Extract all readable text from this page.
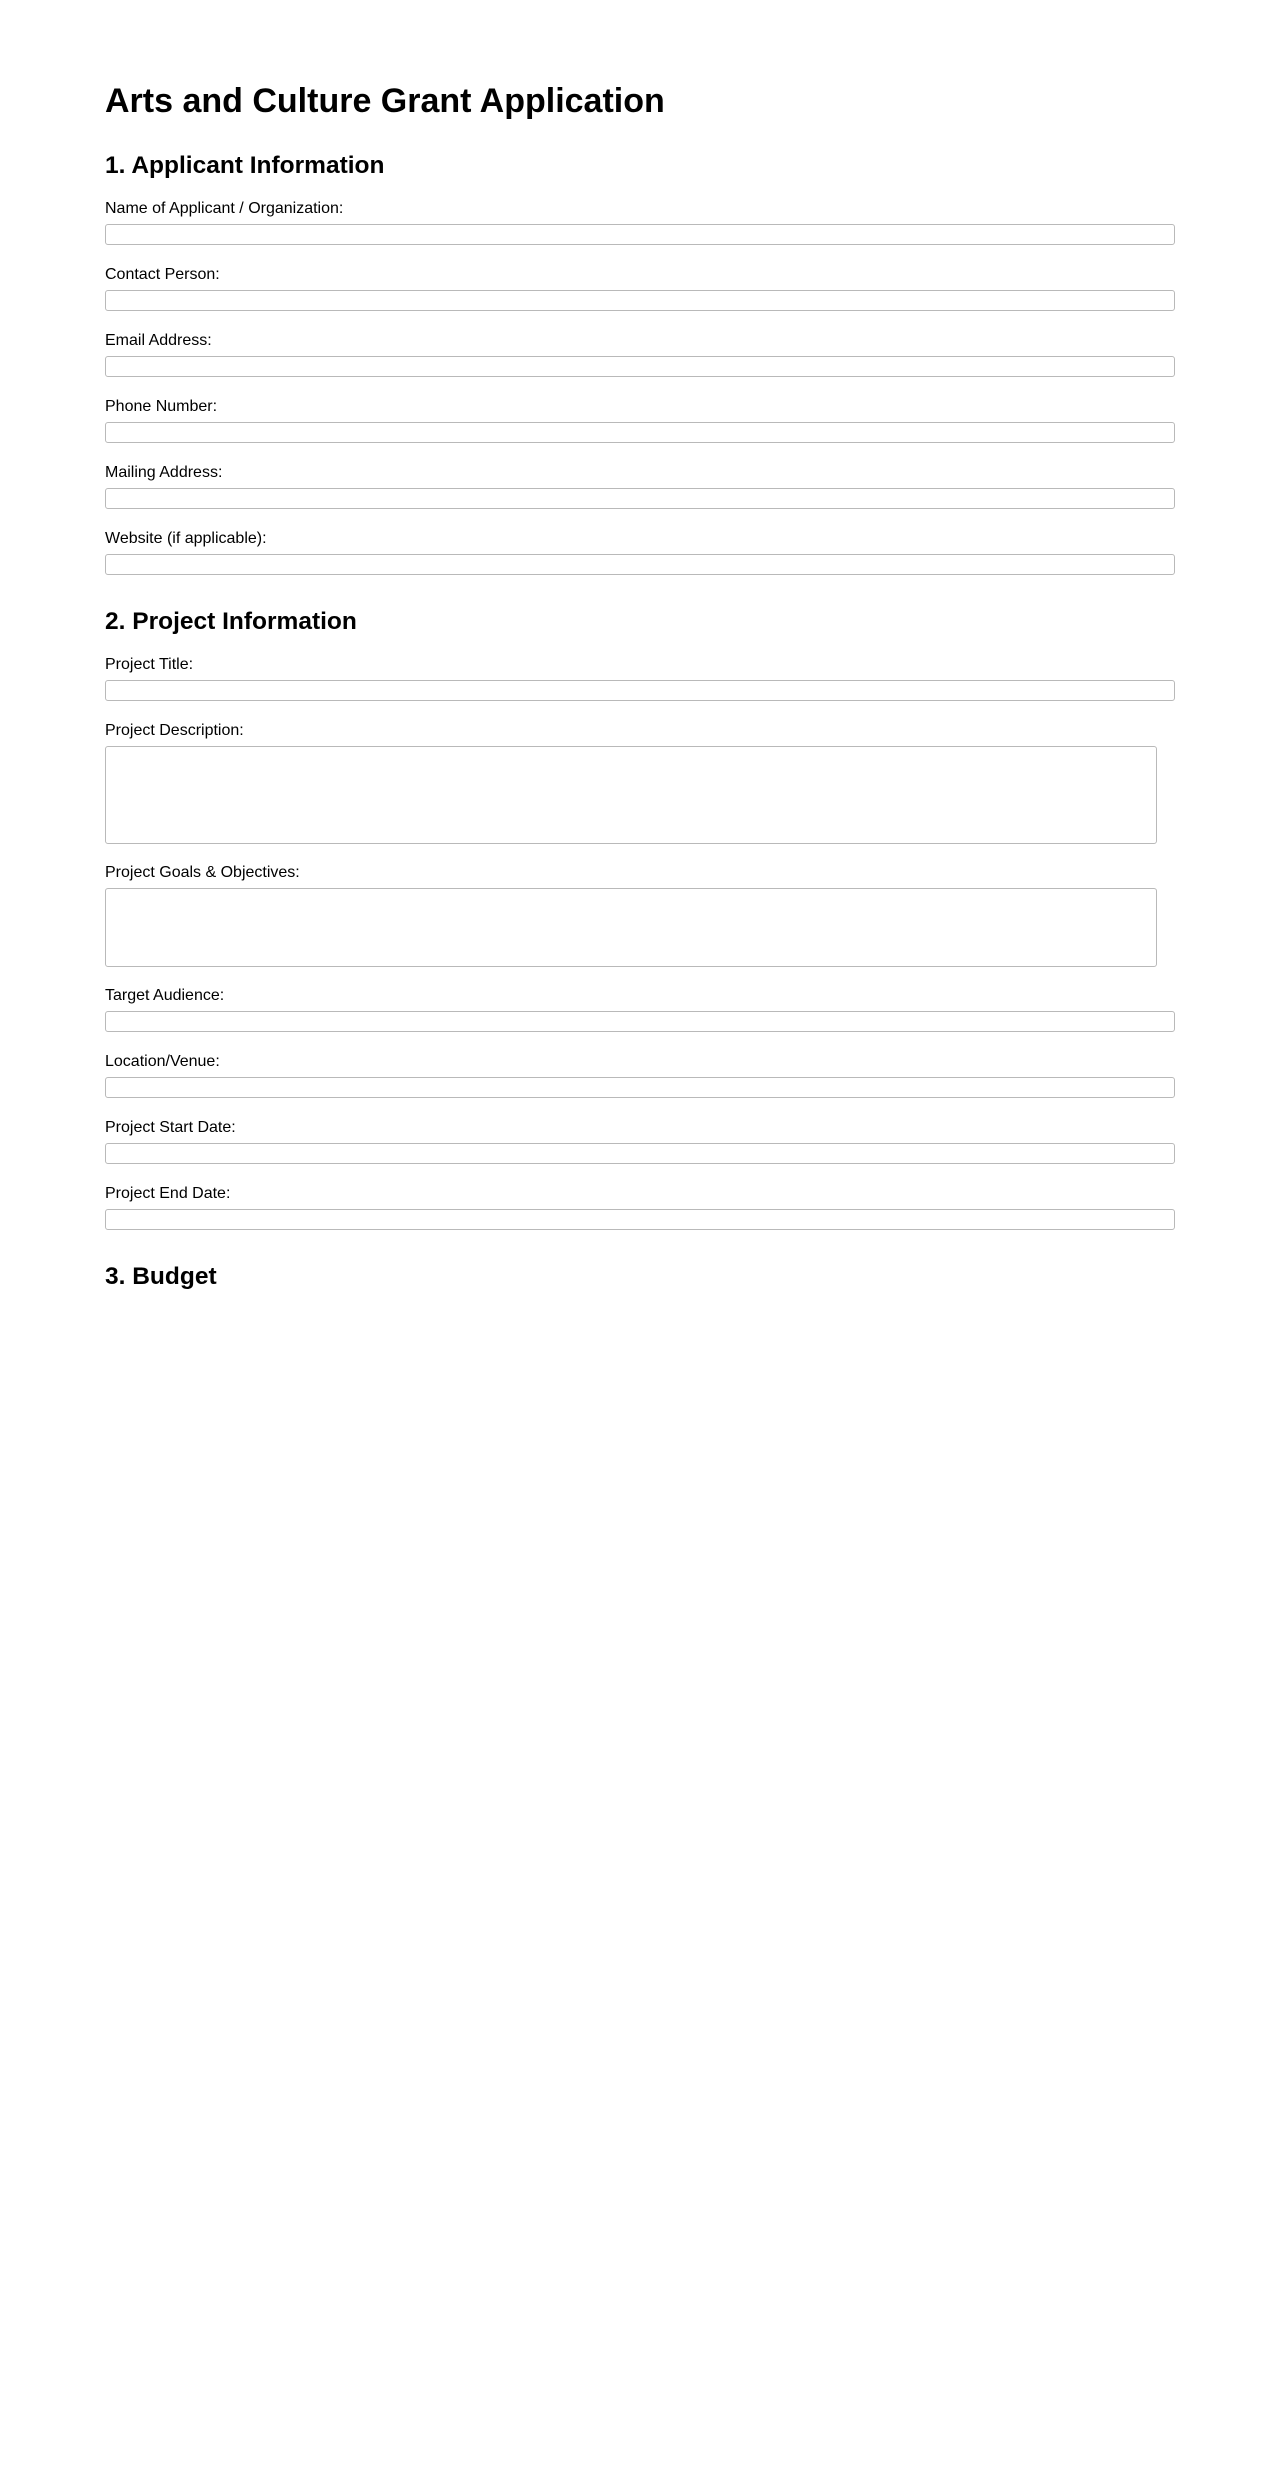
Arts and Culture Grant Application
1. Applicant Information
Name of Applicant / Organization:
Contact Person:
Email Address:
Phone Number:
Mailing Address:
Website (if applicable):
2. Project Information
Project Title:
Project Description:
Project Goals & Objectives:
Target Audience:
Location/Venue:
Project Start Date:
Project End Date:
3. Budget
